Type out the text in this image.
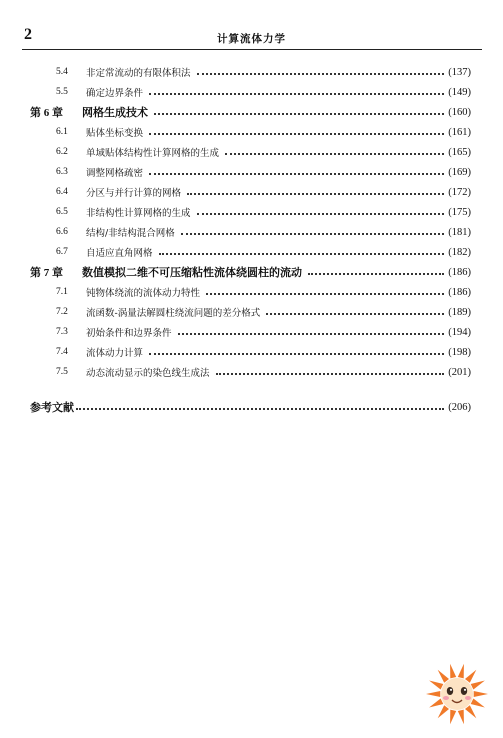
2	计算流体力学
5.4	非定常流动的有限体积法	(137)
5.5	确定边界条件	(149)
第 6 章	网格生成技术	(160)
6.1	贴体坐标变换	(161)
6.2	单域贴体结构性计算网格的生成	(165)
6.3	调整网格疏密	(169)
6.4	分区与并行计算的网格	(172)
6.5	非结构性计算网格的生成	(175)
6.6	结构/非结构混合网格	(181)
6.7	自适应直角网格	(182)
第 7 章	数值模拟二维不可压缩粘性流体绕圆柱的流动	(186)
7.1	钝物体绕流的流体动力特性	(186)
7.2	流函数-涡量法解圆柱绕流问题的差分格式	(189)
7.3	初始条件和边界条件	(194)
7.4	流体动力计算	(198)
7.5	动态流动显示的染色线生成法	(201)
参考文献	(206)
